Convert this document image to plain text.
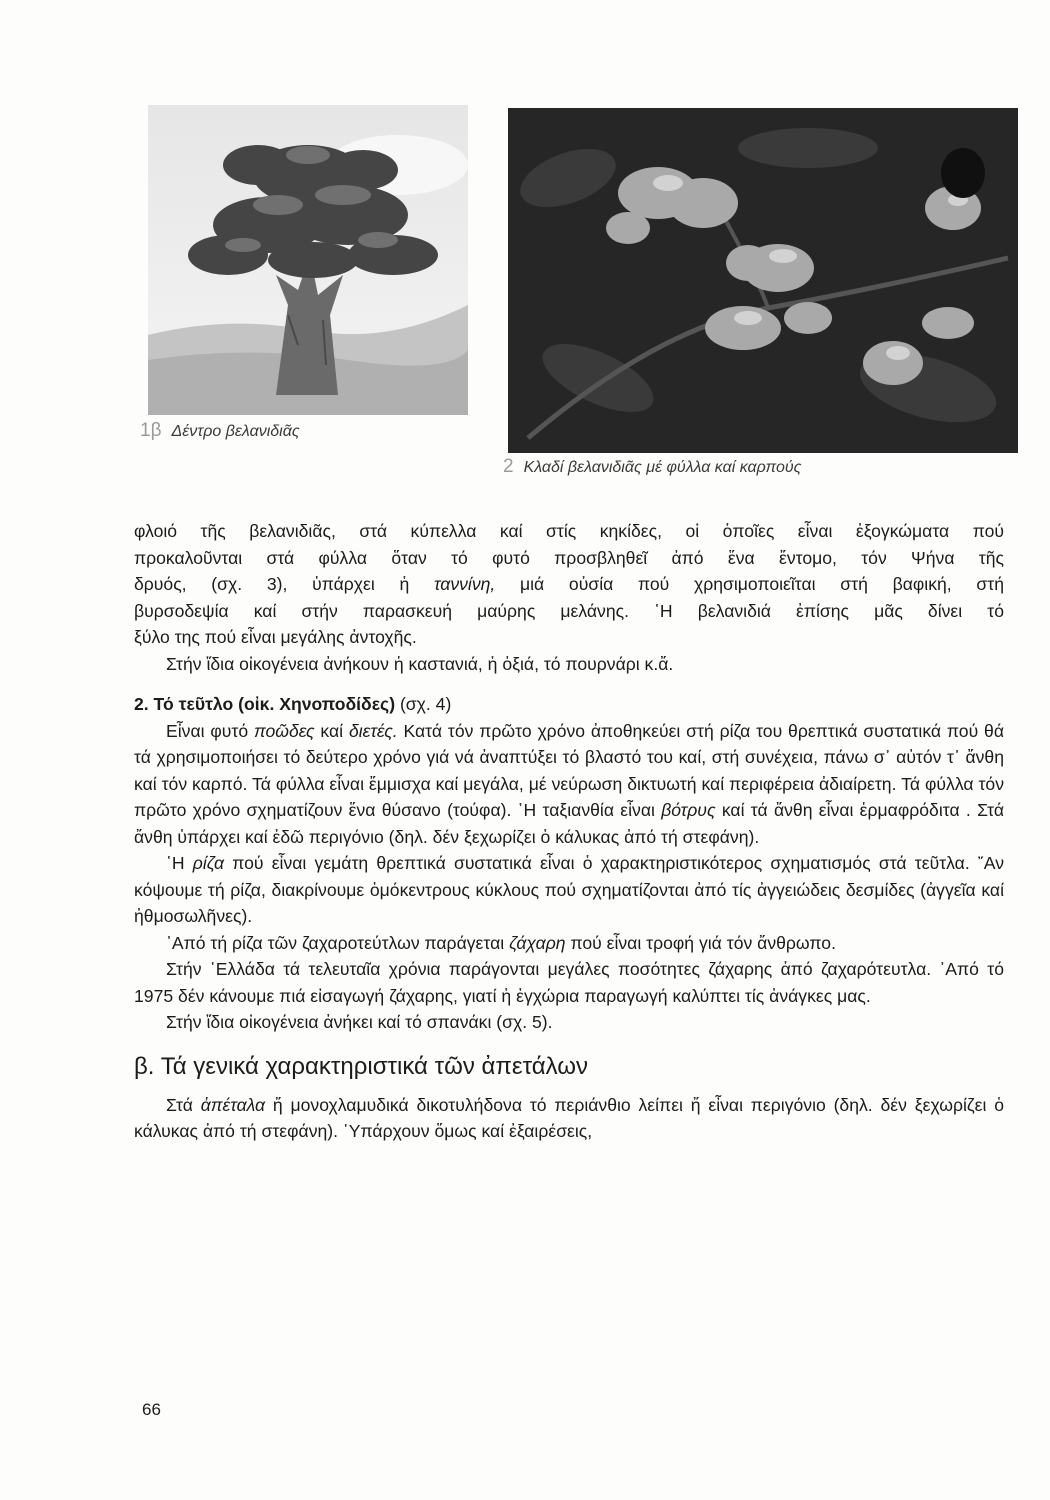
1β Δέντρο βελανιδιᾶς
2 Κλαδί βελανιδιᾶς μέ φύλλα καί καρπούς

φλοιό τῆς βελανιδιᾶς, στά κύπελλα καί στίς κηκίδες, οἱ ὁποῖες εἶναι ἐξογκώματα πού

προκαλοῦνται στά φύλλα ὅταν τό φυτό προσβληθεῖ ἀπό ἕνα ἔντομο, τόν Ψήνα τῆς

δρυός, (σχ. 3), ὑπάρχει ἡ ταννίνη, μιά οὐσία πού χρησιμοποιεῖται στή βαφική, στή

βυρσοδεψία καί στήν παρασκευή μαύρης μελάνης. ῾Η βελανιδιά ἐπίσης μᾶς δίνει τό

ξύλο της πού εἶναι μεγάλης ἀντοχῆς.

Στήν ἴδια οἰκογένεια ἀνήκουν ἡ καστανιά, ἡ ὀξιά, τό πουρνάρι κ.ἄ.

2. Τό τεῦτλο (οἰκ. Χηνοποδίδες) (σχ. 4)

Εἶναι φυτό ποῶδες καί διετές. Κατά τόν πρῶτο χρόνο ἀποθηκεύει στή ρίζα του θρεπτικά συστατικά πού θά τά χρησιμοποιήσει τό δεύτερο χρόνο γιά νά ἀναπτύξει τό βλαστό του καί, στή συνέχεια, πάνω σ᾿ αὐτόν τ᾿ ἄνθη καί τόν καρπό. Τά φύλλα εἶναι ἔμμισχα καί μεγάλα, μέ νεύρωση δικτυωτή καί περιφέρεια ἀδιαίρετη. Τά φύλλα τόν πρῶτο χρόνο σχηματίζουν ἕνα θύσανο (τούφα). ῾Η ταξιανθία εἶναι βότρυς καί τά ἄνθη εἶναι ἑρμαφρόδιτα . Στά ἄνθη ὑπάρχει καί ἐδῶ περιγόνιο (δηλ. δέν ξεχωρίζει ὁ κάλυκας ἀπό τή στεφάνη).

῾Η ρίζα πού εἶναι γεμάτη θρεπτικά συστατικά εἶναι ὁ χαρακτηριστικότερος σχηματισμός στά τεῦτλα. ῎Αν κόψουμε τή ρίζα, διακρίνουμε ὁμόκεντρους κύκλους πού σχηματίζονται ἀπό τίς ἀγγειώδεις δεσμίδες (ἀγγεῖα καί ἠθμοσωλῆνες).

᾿Από τή ρίζα τῶν ζαχαροτεύτλων παράγεται ζάχαρη πού εἶναι τροφή γιά τόν ἄνθρωπο.

Στήν ῾Ελλάδα τά τελευταῖα χρόνια παράγονται μεγάλες ποσότητες ζάχαρης ἀπό ζαχαρότευτλα. ᾿Από τό 1975 δέν κάνουμε πιά εἰσαγωγή ζάχαρης, γιατί ἡ ἐγχώρια παραγωγή καλύπτει τίς ἀνάγκες μας.

Στήν ἴδια οἰκογένεια ἀνήκει καί τό σπανάκι (σχ. 5).

β. Τά γενικά χαρακτηριστικά τῶν ἀπετάλων

Στά ἀπέταλα ἤ μονοχλαμυδικά δικοτυλήδονα τό περιάνθιο λείπει ἤ εἶναι περιγόνιο (δηλ. δέν ξεχωρίζει ὁ κάλυκας ἀπό τή στεφάνη). ῾Υπάρχουν ὅμως καί ἐξαιρέσεις,

66
